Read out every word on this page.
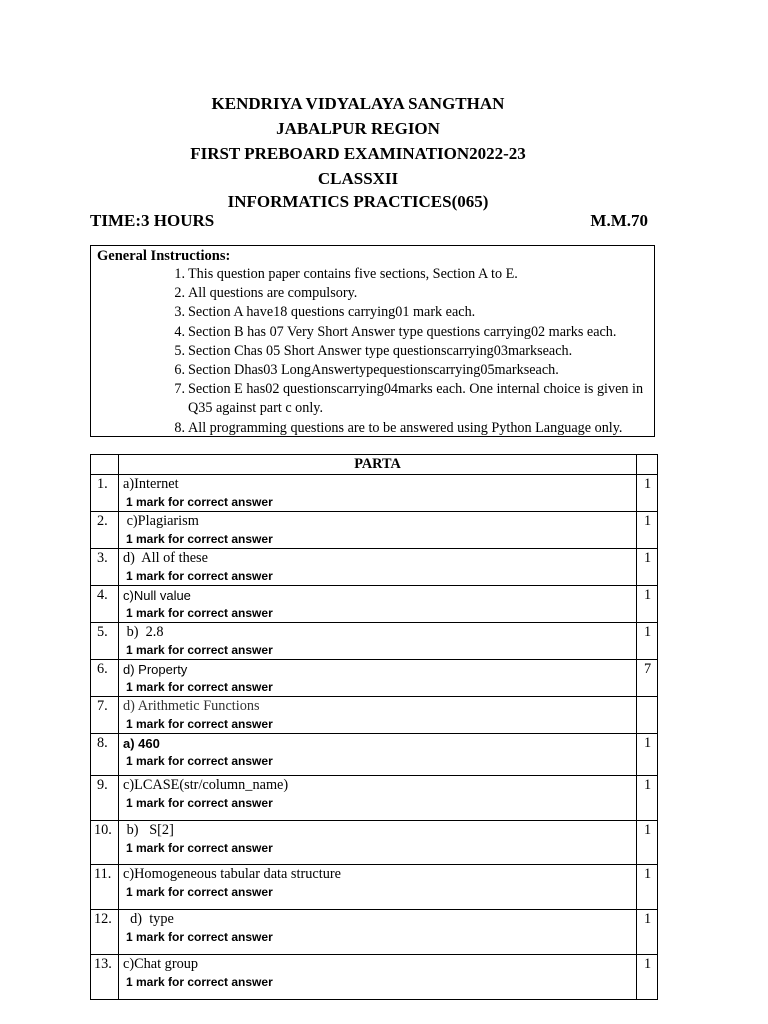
KENDRIYA VIDYALAYA SANGTHAN
JABALPUR REGION
FIRST PREBOARD EXAMINATION2022-23
CLASSXII
INFORMATICS PRACTICES(065)
TIME:3 HOURS	M.M.70
General Instructions:
1. This question paper contains five sections, Section A to E.
2. All questions are compulsory.
3. Section A have18 questions carrying01 mark each.
4. Section B has 07 Very Short Answer type questions carrying02 marks each.
5. Section Chas 05 Short Answer type questionscarrying03markseach.
6. Section Dhas03 LongAnswertypequestionscarrying05markseach.
7. Section E has02 questionscarrying04marks each. One internal choice is given in Q35 against part c only.
8. All programming questions are to be answered using Python Language only.
	PARTA	
1.	a)Internet
1 mark for correct answer	1
2.	c)Plagiarism
1 mark for correct answer	1
3.	d)  All of these
1 mark for correct answer	1
4.	c)Null value
1 mark for correct answer	1
5.	b)  2.8
1 mark for correct answer	1
6.	d) Property
1 mark for correct answer	7
7.	d) Arithmetic Functions
1 mark for correct answer	

8.	a) 460
1 mark for correct answer	1
9.	c)LCASE(str/column_name)
1 mark for correct answer	1
10.	b)   S[2]
1 mark for correct answer	1
11.	c)Homogeneous tabular data structure
1 mark for correct answer	1
12.	d)  type
1 mark for correct answer	1
13.	c)Chat group
1 mark for correct answer	1
